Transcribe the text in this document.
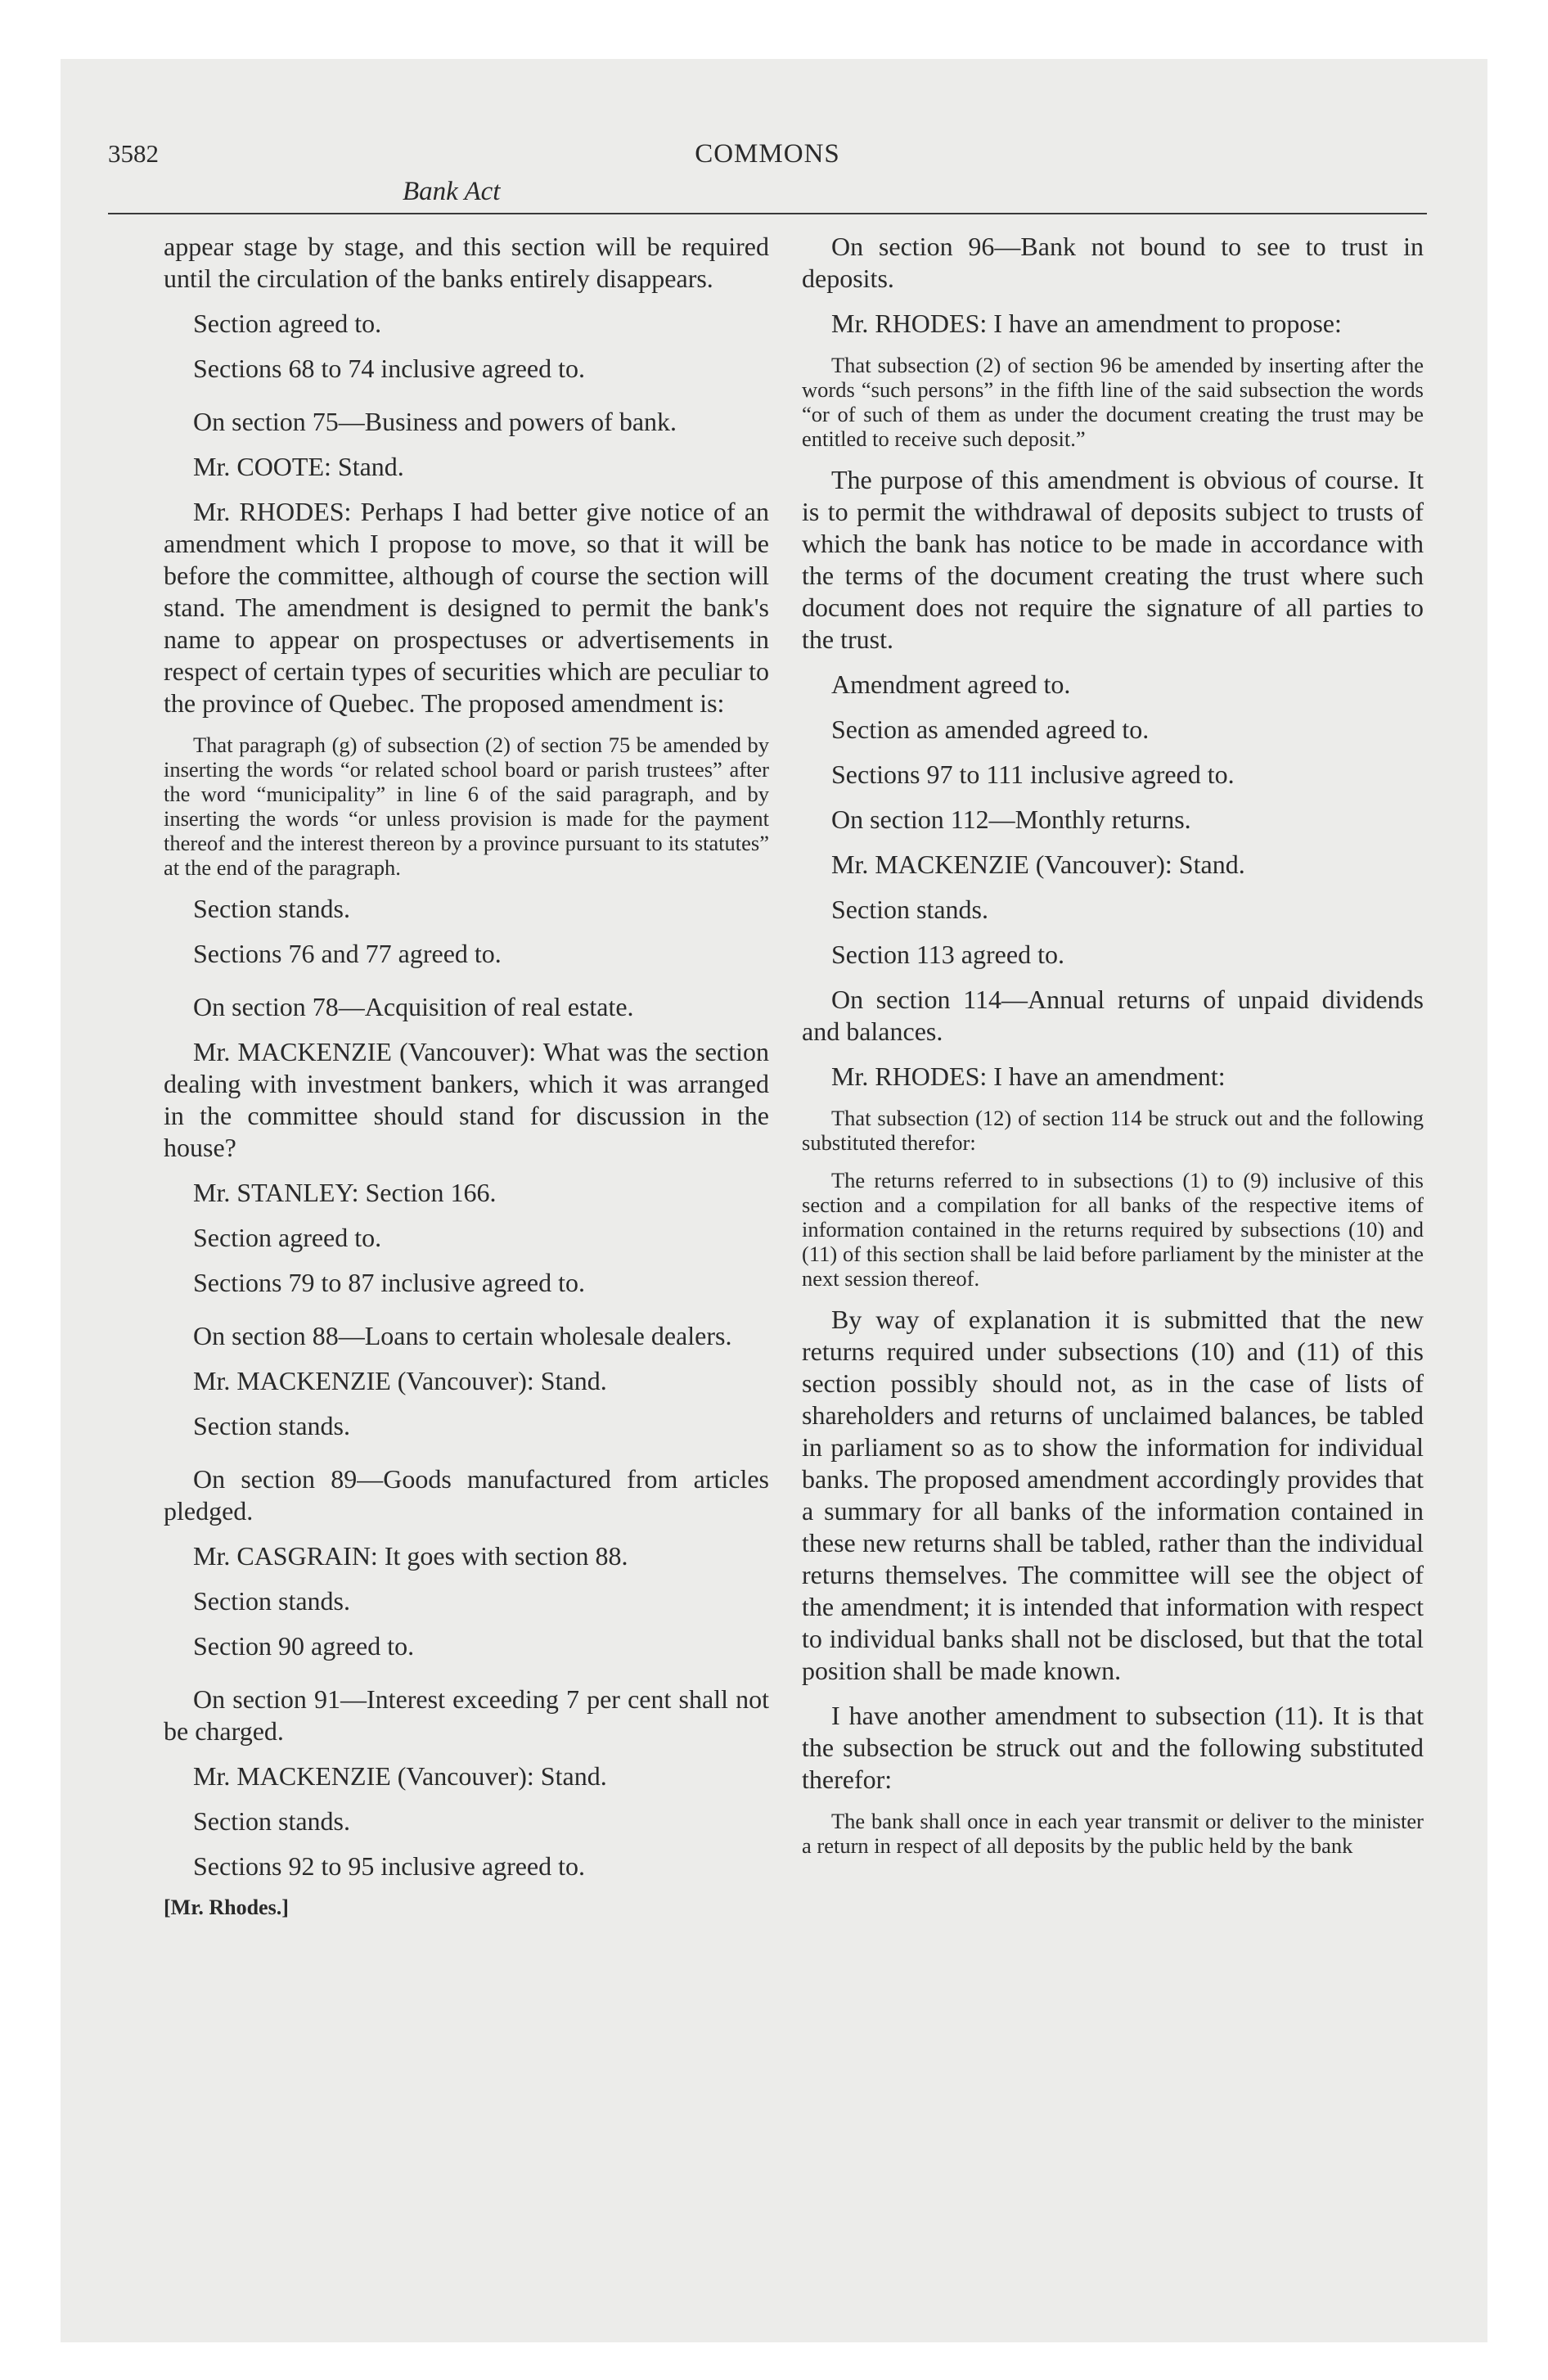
3582	COMMONS
Bank Act

appear stage by stage, and this section will be required until the circulation of the banks entirely disappears.

Section agreed to.

Sections 68 to 74 inclusive agreed to.

On section 75—Business and powers of bank.

Mr. COOTE: Stand.

Mr. RHODES: Perhaps I had better give notice of an amendment which I propose to move, so that it will be before the committee, although of course the section will stand. The amendment is designed to permit the bank's name to appear on prospectuses or advertisements in respect of certain types of securities which are peculiar to the province of Quebec. The proposed amendment is:

That paragraph (g) of subsection (2) of section 75 be amended by inserting the words “or related school board or parish trustees” after the word “municipality” in line 6 of the said paragraph, and by inserting the words “or unless provision is made for the payment thereof and the interest thereon by a province pursuant to its statutes” at the end of the paragraph.

Section stands.

Sections 76 and 77 agreed to.

On section 78—Acquisition of real estate.

Mr. MACKENZIE (Vancouver): What was the section dealing with investment bankers, which it was arranged in the committee should stand for discussion in the house?

Mr. STANLEY: Section 166.

Section agreed to.

Sections 79 to 87 inclusive agreed to.

On section 88—Loans to certain wholesale dealers.

Mr. MACKENZIE (Vancouver): Stand.

Section stands.

On section 89—Goods manufactured from articles pledged.

Mr. CASGRAIN: It goes with section 88.

Section stands.

Section 90 agreed to.

On section 91—Interest exceeding 7 per cent shall not be charged.

Mr. MACKENZIE (Vancouver): Stand.

Section stands.

Sections 92 to 95 inclusive agreed to.

[Mr. Rhodes.]

On section 96—Bank not bound to see to trust in deposits.

Mr. RHODES: I have an amendment to propose:

That subsection (2) of section 96 be amended by inserting after the words “such persons” in the fifth line of the said subsection the words “or of such of them as under the document creating the trust may be entitled to receive such deposit.”

The purpose of this amendment is obvious of course. It is to permit the withdrawal of deposits subject to trusts of which the bank has notice to be made in accordance with the terms of the document creating the trust where such document does not require the signature of all parties to the trust.

Amendment agreed to.

Section as amended agreed to.

Sections 97 to 111 inclusive agreed to.

On section 112—Monthly returns.

Mr. MACKENZIE (Vancouver): Stand.

Section stands.

Section 113 agreed to.

On section 114—Annual returns of unpaid dividends and balances.

Mr. RHODES: I have an amendment:

That subsection (12) of section 114 be struck out and the following substituted therefor:

The returns referred to in subsections (1) to (9) inclusive of this section and a compilation for all banks of the respective items of information contained in the returns required by subsections (10) and (11) of this section shall be laid before parliament by the minister at the next session thereof.

By way of explanation it is submitted that the new returns required under subsections (10) and (11) of this section possibly should not, as in the case of lists of shareholders and returns of unclaimed balances, be tabled in parliament so as to show the information for individual banks. The proposed amendment accordingly provides that a summary for all banks of the information contained in these new returns shall be tabled, rather than the individual returns themselves. The committee will see the object of the amendment; it is intended that information with respect to individual banks shall not be disclosed, but that the total position shall be made known.

I have another amendment to subsection (11). It is that the subsection be struck out and the following substituted therefor:

The bank shall once in each year transmit or deliver to the minister a return in respect of all deposits by the public held by the bank
